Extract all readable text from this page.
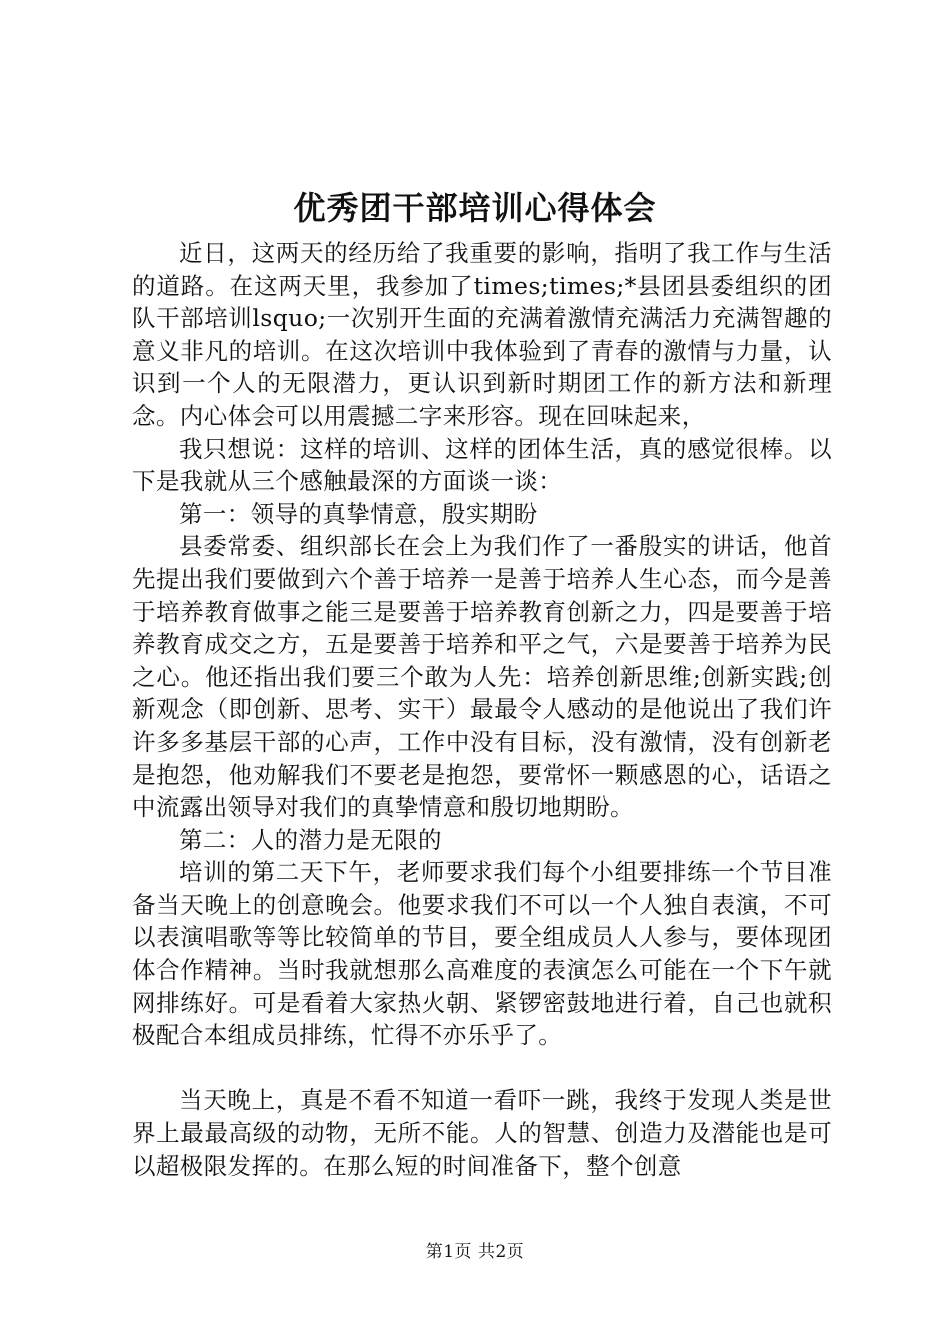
优秀团干部培训心得体会

近日，这两天的经历给了我重要的影响，指明了我工作与生活的道路。在这两天里，我参加了times;times;*县团县委组织的团队干部培训lsquo;一次别开生面的充满着激情充满活力充满智趣的意义非凡的培训。在这次培训中我体验到了青春的激情与力量，认识到一个人的无限潜力，更认识到新时期团工作的新方法和新理念。内心体会可以用震撼二字来形容。现在回味起来，

我只想说：这样的培训、这样的团体生活，真的感觉很棒。以下是我就从三个感触最深的方面谈一谈：

第一：领导的真挚情意，殷实期盼

县委常委、组织部长在会上为我们作了一番殷实的讲话，他首先提出我们要做到六个善于培养一是善于培养人生心态，而今是善于培养教育做事之能三是要善于培养教育创新之力，四是要善于培养教育成交之方，五是要善于培养和平之气，六是要善于培养为民之心。他还指出我们要三个敢为人先：培养创新思维;创新实践;创新观念（即创新、思考、实干）最最令人感动的是他说出了我们许许多多基层干部的心声，工作中没有目标，没有激情，没有创新老是抱怨，他劝解我们不要老是抱怨，要常怀一颗感恩的心，话语之中流露出领导对我们的真挚情意和殷切地期盼。

第二：人的潜力是无限的

培训的第二天下午，老师要求我们每个小组要排练一个节目准备当天晚上的创意晚会。他要求我们不可以一个人独自表演，不可以表演唱歌等等比较简单的节目，要全组成员人人参与，要体现团体合作精神。当时我就想那么高难度的表演怎么可能在一个下午就网排练好。可是看着大家热火朝、紧锣密鼓地进行着，自己也就积极配合本组成员排练，忙得不亦乐乎了。

当天晚上，真是不看不知道一看吓一跳，我终于发现人类是世界上最最高级的动物，无所不能。人的智慧、创造力及潜能也是可以超极限发挥的。在那么短的时间准备下，整个创意

第1页 共2页
